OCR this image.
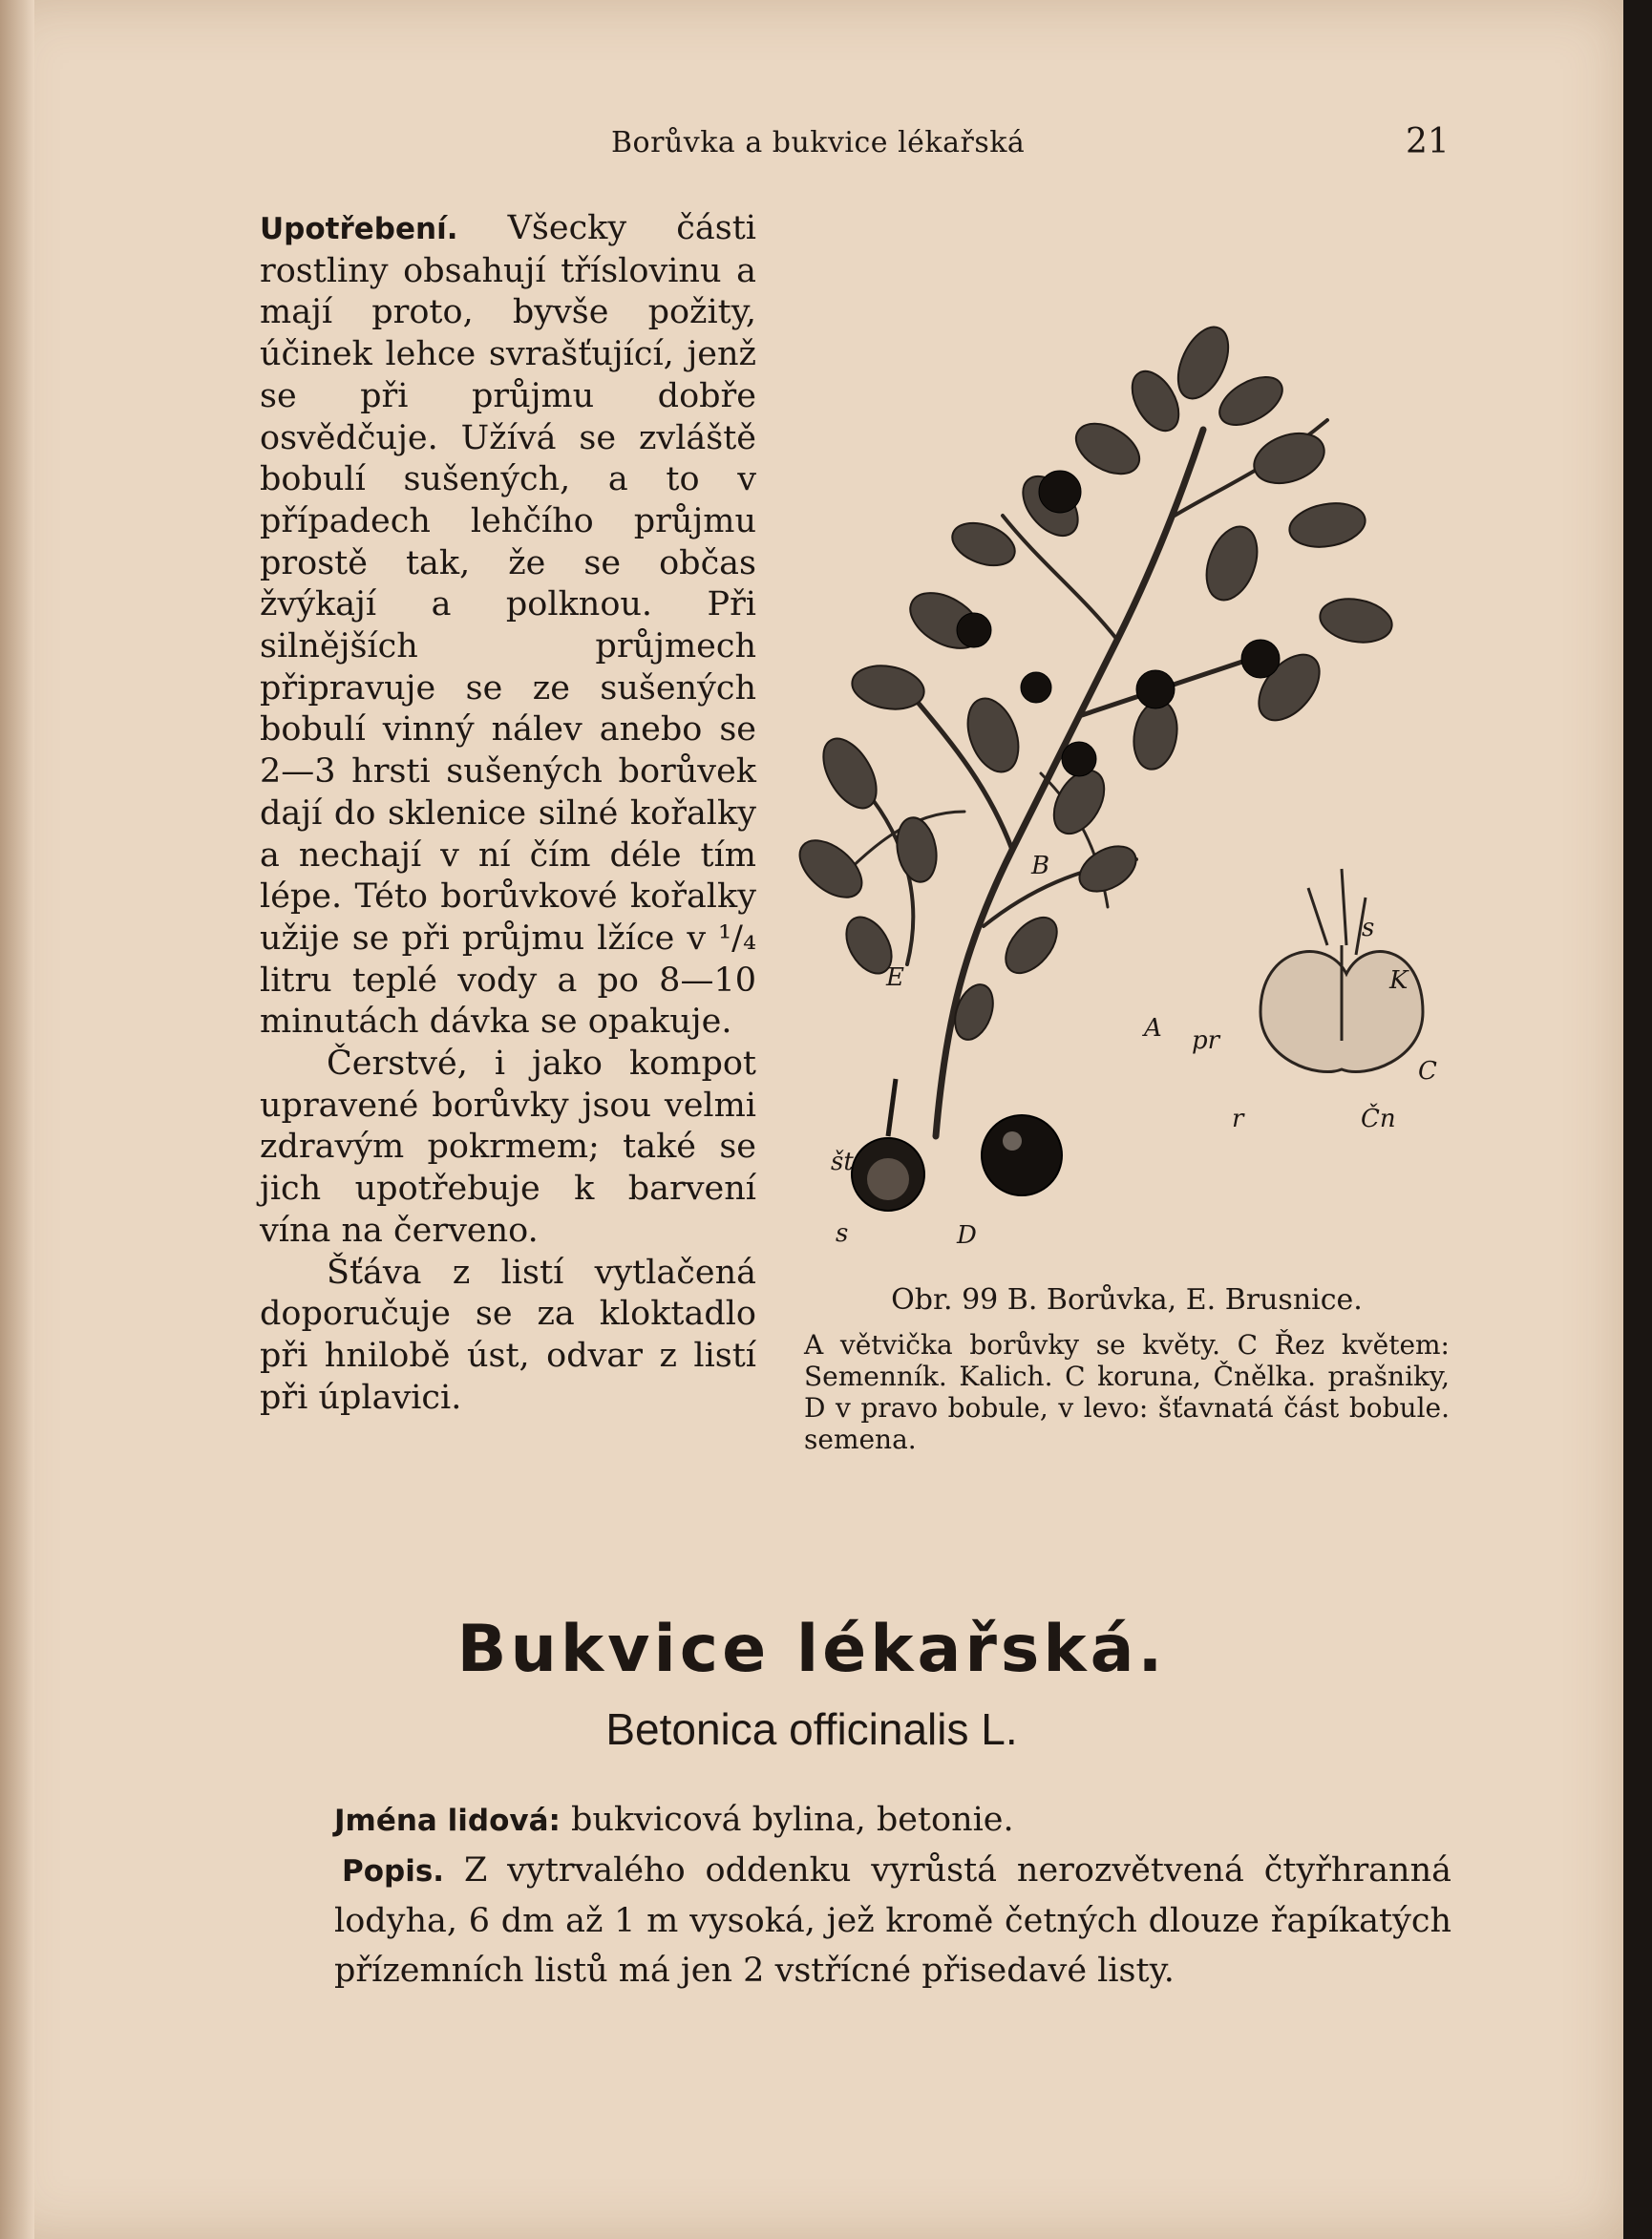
Borůvka a bukvice lékařská	21

Upotřebení. Všecky části rostliny obsahují tříslovinu a mají proto, byvše požity, účinek lehce svrašťující, jenž se při průjmu dobře osvědčuje. Užívá se zvláště bobulí sušených, a to v případech lehčího průjmu prostě tak, že se občas žvýkají a polknou. Při silnějších průjmech připravuje se ze sušených bobulí vinný nálev anebo se 2—3 hrsti sušených borůvek dají do sklenice silné kořalky a nechají v ní čím déle tím lépe. Této borůvkové kořalky užije se při průjmu lžíce v ¹/₄ litru teplé vody a po 8—10 minutách dávka se opakuje.

Čerstvé, i jako kompot upravené borůvky jsou velmi zdravým pokrmem; také se jich upotřebuje k barvení vína na červeno.

Šťáva z listí vytlačená doporučuje se za kloktadlo při hnilobě úst, odvar z listí při úplavici.

B
E
A
s
K
pr
C
r	Čn
št
s	D
Obr. 99 B. Borůvka, E. Brusnice.
A větvička borůvky se květy. C Řez květem: Semenník. Kalich. C koruna, Čnělka. prašniky, D v pravo bobule, v levo: šťavnatá část bobule. semena.
Bukvice lékařská.
Betonica officinalis L.

Jména lidová: bukvicová bylina, betonie.

Popis. Z vytrvalého oddenku vyrůstá nerozvětvená čtyřhranná lodyha, 6 dm až 1 m vysoká, jež kromě četných dlouze řapíkatých přízemních listů má jen 2 vstřícné přisedavé listy.
